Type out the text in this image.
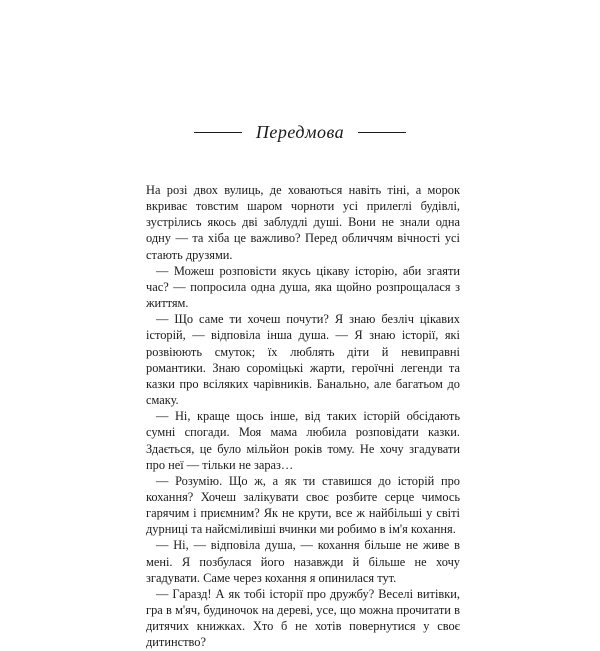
Передмова

На розі двох вулиць, де ховаються навіть тіні, а морок вкриває товстим шаром чорноти усі прилеглі будівлі, зустрілись якось дві заблудлі душі. Вони не знали одна одну — та хіба це важливо? Перед обличчям вічності усі стають друзями.

— Можеш розповісти якусь цікаву історію, аби згаяти час? — попросила одна душа, яка щойно розпрощалася з життям.

— Що саме ти хочеш почути? Я знаю безліч цікавих історій, — відповіла інша душа. — Я знаю історії, які розвіюють смуток; їх люблять діти й невиправні романтики. Знаю сороміцькі жарти, героїчні легенди та казки про всіляких чарівників. Банально, але багатьом до смаку.

— Ні, краще щось інше, від таких історій обсідають сумні спогади. Моя мама любила розповідати казки. Здається, це було мільйон років тому. Не хочу згадувати про неї — тільки не зараз…

— Розумію. Що ж, а як ти ставишся до історій про кохання? Хочеш залікувати своє розбите серце чимось гарячим і приємним? Як не крути, все ж найбільші у світі дурниці та найсміливіші вчинки ми робимо в ім'я кохання.

— Ні, — відповіла душа, — кохання більше не живе в мені. Я позбулася його назавжди й більше не хочу згадувати. Саме через кохання я опинилася тут.

— Гаразд! А як тобі історії про дружбу? Веселі витівки, гра в м'яч, будиночок на дереві, усе, що можна прочитати в дитячих книжках. Хто б не хотів повернутися у своє дитинство?
